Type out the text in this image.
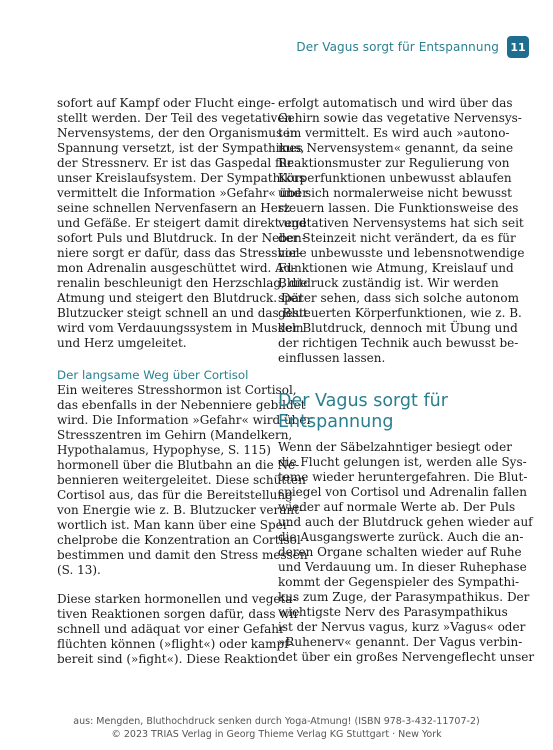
Der Vagus sorgt für Entspannung	11
sofort auf Kampf oder Flucht einge-
stellt werden. Der Teil des vegetativen
Nervensystems, der den Organismus in
Spannung versetzt, ist der Sympathikus,
der Stressnerv. Er ist das Gaspedal für
unser Kreislaufsystem. Der Sympathikus
vermittelt die Information »Gefahr« über
seine schnellen Nervenfasern an Herz
und Gefäße. Er steigert damit direkt und
sofort Puls und Blutdruck. In der Neben-
niere sorgt er dafür, dass das Stresshor-
mon Adrenalin ausgeschüttet wird. Ad-
renalin beschleunigt den Herzschlag, die
Atmung und steigert den Blutdruck. Der
Blutzucker steigt schnell an und das Blut
wird vom Verdauungssystem in Muskeln
und Herz umgeleitet.
Der langsame Weg über Cortisol
Ein weiteres Stresshormon ist Cortisol,
das ebenfalls in der Nebenniere gebildet
wird. Die Information »Gefahr« wird über
Stresszentren im Gehirn (Mandelkern,
Hypothalamus, Hypophyse, S. 115)
hormonell über die Blutbahn an die Ne-
bennieren weitergeleitet. Diese schütten
Cortisol aus, das für die Bereitstellung
von Energie wie z. B. Blutzucker verant-
wortlich ist. Man kann über eine Spei-
chelprobe die Konzentration an Cortisol
bestimmen und damit den Stress messen
(S. 13).
Diese starken hormonellen und vegeta-
tiven Reaktionen sorgen dafür, dass wir
schnell und adäquat vor einer Gefahr
flüchten können (»flight«) oder kampf-
bereit sind (»fight«). Diese Reaktion
erfolgt automatisch und wird über das
Gehirn sowie das vegetative Nervensys-
tem vermittelt. Es wird auch »autono-
mes Nervensystem« genannt, da seine
Reaktionsmuster zur Regulierung von
Körperfunktionen unbewusst ablaufen
und sich normalerweise nicht bewusst
steuern lassen. Die Funktionsweise des
vegetativen Nervensystems hat sich seit
der Steinzeit nicht verändert, da es für
viele unbewusste und lebensnotwendige
Funktionen wie Atmung, Kreislauf und
Blutdruck zuständig ist. Wir werden
später sehen, dass sich solche autonom
gesteuerten Körperfunktionen, wie z. B.
der Blutdruck, dennoch mit Übung und
der richtigen Technik auch bewusst be-
einflussen lassen.
Der Vagus sorgt für
Entspannung
Wenn der Säbelzahntiger besiegt oder
die Flucht gelungen ist, werden alle Sys-
teme wieder heruntergefahren. Die Blut-
spiegel von Cortisol und Adrenalin fallen
wieder auf normale Werte ab. Der Puls
und auch der Blutdruck gehen wieder auf
die Ausgangswerte zurück. Auch die an-
deren Organe schalten wieder auf Ruhe
und Verdauung um. In dieser Ruhephase
kommt der Gegenspieler des Sympathi-
kus zum Zuge, der Parasympathikus. Der
wichtigste Nerv des Parasympathikus
ist der Nervus vagus, kurz »Vagus« oder
»Ruhenerv« genannt. Der Vagus verbin-
det über ein großes Nervengeflecht unser
aus: Mengden, Bluthochdruck senken durch Yoga-Atmung! (ISBN 978-3-432-11707-2)
© 2023 TRIAS Verlag in Georg Thieme Verlag KG Stuttgart · New York
